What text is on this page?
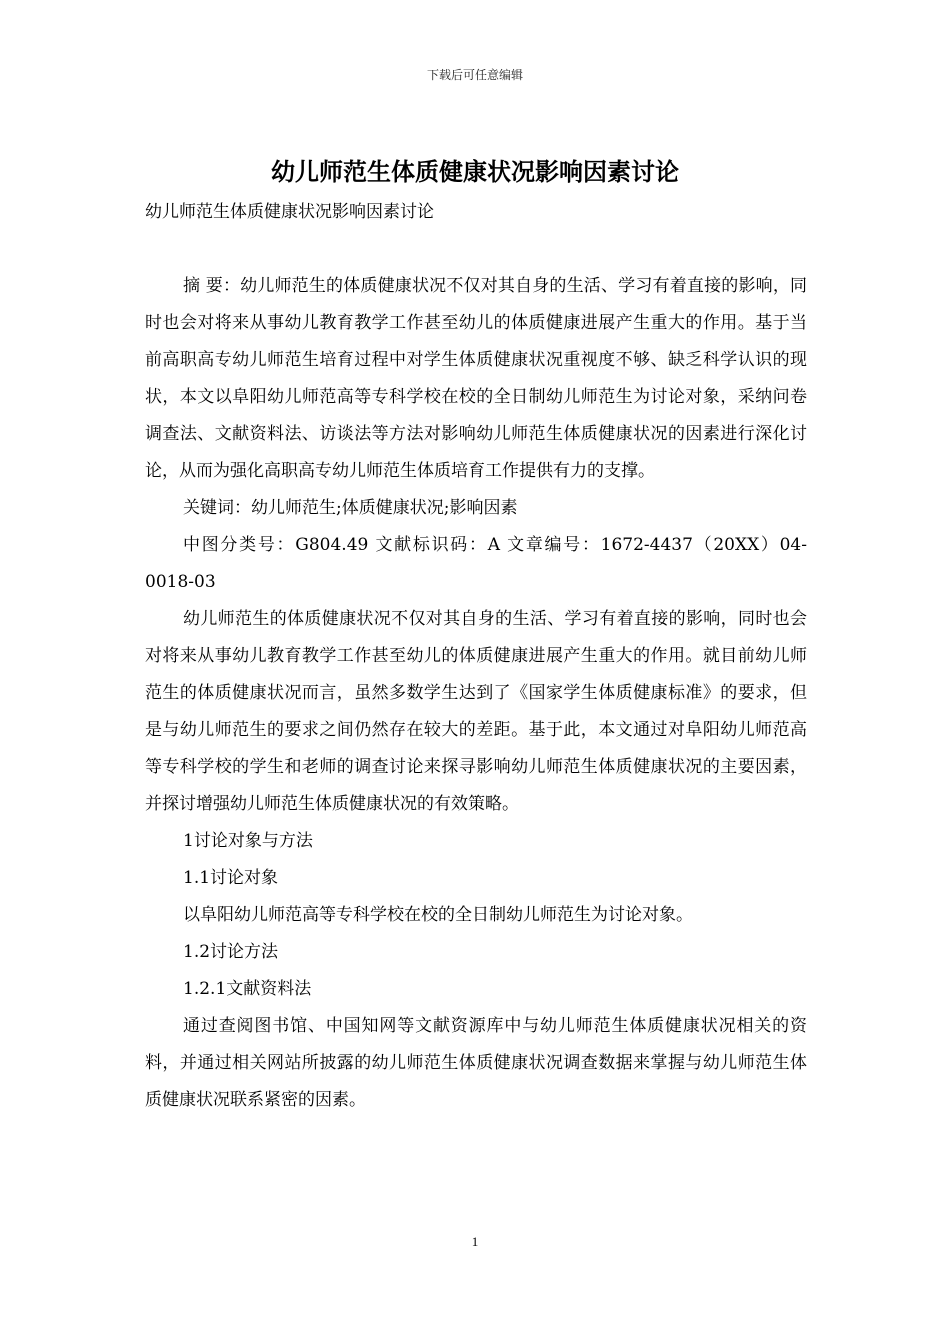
下载后可任意编辑
幼儿师范生体质健康状况影响因素讨论

幼儿师范生体质健康状况影响因素讨论

摘 要：幼儿师范生的体质健康状况不仅对其自身的生活、学习有着直接的影响，同时也会对将来从事幼儿教育教学工作甚至幼儿的体质健康进展产生重大的作用。基于当前高职高专幼儿师范生培育过程中对学生体质健康状况重视度不够、缺乏科学认识的现状，本文以阜阳幼儿师范高等专科学校在校的全日制幼儿师范生为讨论对象，采纳问卷调查法、文献资料法、访谈法等方法对影响幼儿师范生体质健康状况的因素进行深化讨论，从而为强化高职高专幼儿师范生体质培育工作提供有力的支撑。

关键词：幼儿师范生;体质健康状况;影响因素

中图分类号：G804.49 文献标识码：A 文章编号：1672-4437（20XX）04-0018-03

幼儿师范生的体质健康状况不仅对其自身的生活、学习有着直接的影响，同时也会对将来从事幼儿教育教学工作甚至幼儿的体质健康进展产生重大的作用。就目前幼儿师范生的体质健康状况而言，虽然多数学生达到了《国家学生体质健康标准》的要求，但是与幼儿师范生的要求之间仍然存在较大的差距。基于此，本文通过对阜阳幼儿师范高等专科学校的学生和老师的调查讨论来探寻影响幼儿师范生体质健康状况的主要因素，并探讨增强幼儿师范生体质健康状况的有效策略。

1讨论对象与方法

1.1讨论对象

以阜阳幼儿师范高等专科学校在校的全日制幼儿师范生为讨论对象。

1.2讨论方法

1.2.1文献资料法

通过查阅图书馆、中国知网等文献资源库中与幼儿师范生体质健康状况相关的资料，并通过相关网站所披露的幼儿师范生体质健康状况调查数据来掌握与幼儿师范生体质健康状况联系紧密的因素。

1
